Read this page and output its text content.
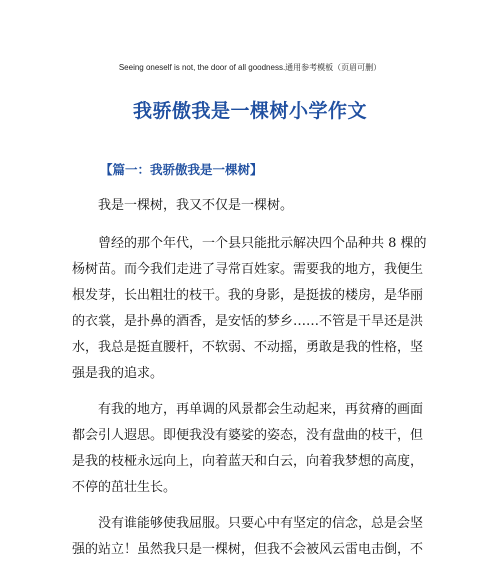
Seeing oneself is not, the door of all goodness.通用参考模板（页眉可删）
我骄傲我是一棵树小学作文
【篇一：我骄傲我是一棵树】

我是一棵树，我又不仅是一棵树。

曾经的那个年代，一个县只能批示解决四个品种共 8 棵的

杨树苗。而今我们走进了寻常百姓家。需要我的地方，我便生

根发芽，长出粗壮的枝干。我的身影，是挺拔的楼房，是华丽

的衣裳，是扑鼻的酒香，是安恬的梦乡……不管是干旱还是洪

水，我总是挺直腰杆，不软弱、不动摇，勇敢是我的性格，坚

强是我的追求。

有我的地方，再单调的风景都会生动起来，再贫瘠的画面

都会引人遐思。即便我没有婆娑的姿态，没有盘曲的枝干，但

是我的枝桠永远向上，向着蓝天和白云，向着我梦想的高度，

不停的茁壮生长。

没有谁能够使我屈服。只要心中有坚定的信念，总是会坚

强的站立！虽然我只是一棵树，但我不会被风云雷电击倒，不
